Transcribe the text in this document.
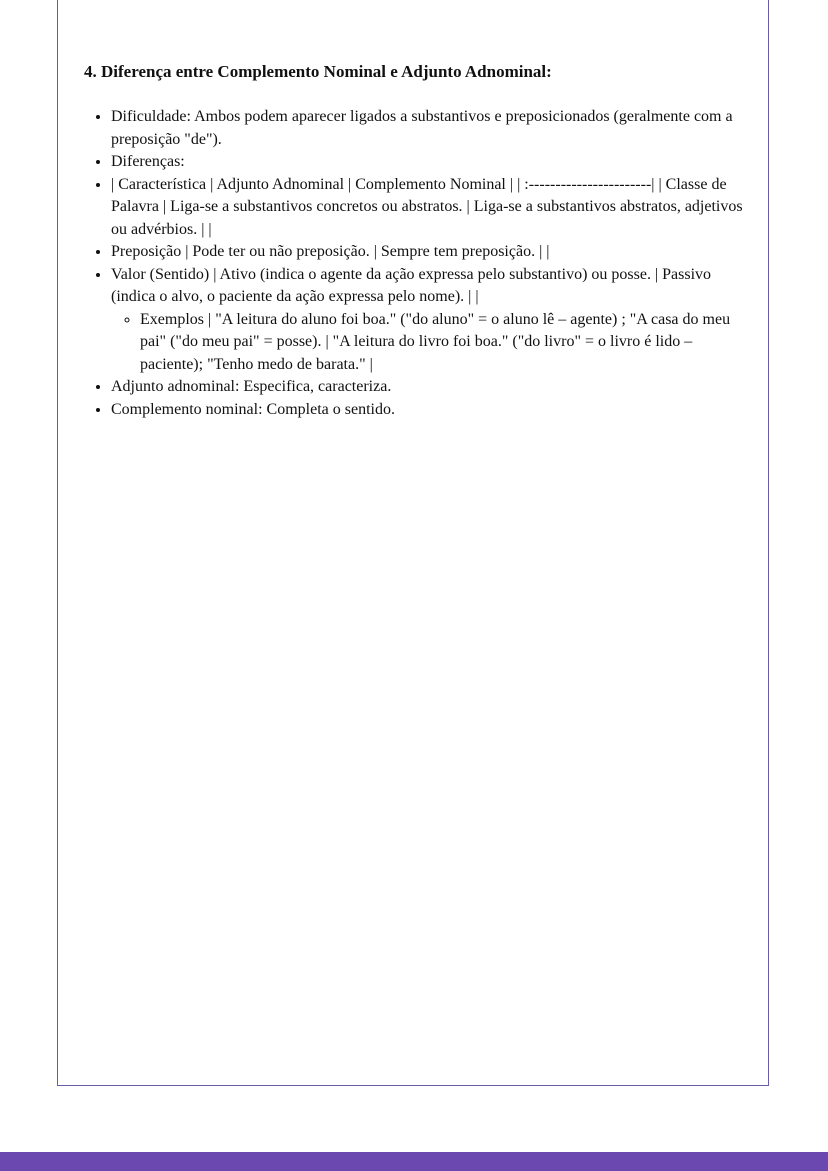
4. Diferença entre Complemento Nominal e Adjunto Adnominal:
• Dificuldade: Ambos podem aparecer ligados a substantivos e preposicionados (geralmente com a preposição "de").
• Diferenças:
• | Característica | Adjunto Adnominal | Complemento Nominal | | :-----------------------| | Classe de Palavra | Liga-se a substantivos concretos ou abstratos. | Liga-se a substantivos abstratos, adjetivos ou advérbios. | |
• Preposição | Pode ter ou não preposição. | Sempre tem preposição. | |
• Valor (Sentido) | Ativo (indica o agente da ação expressa pelo substantivo) ou posse. | Passivo (indica o alvo, o paciente da ação expressa pelo nome). | |
◦ Exemplos | "A leitura do aluno foi boa." ("do aluno" = o aluno lê – agente) ; "A casa do meu pai" ("do meu pai" = posse). | "A leitura do livro foi boa." ("do livro" = o livro é lido – paciente); "Tenho medo de barata." |
• Adjunto adnominal: Especifica, caracteriza.
• Complemento nominal: Completa o sentido.
